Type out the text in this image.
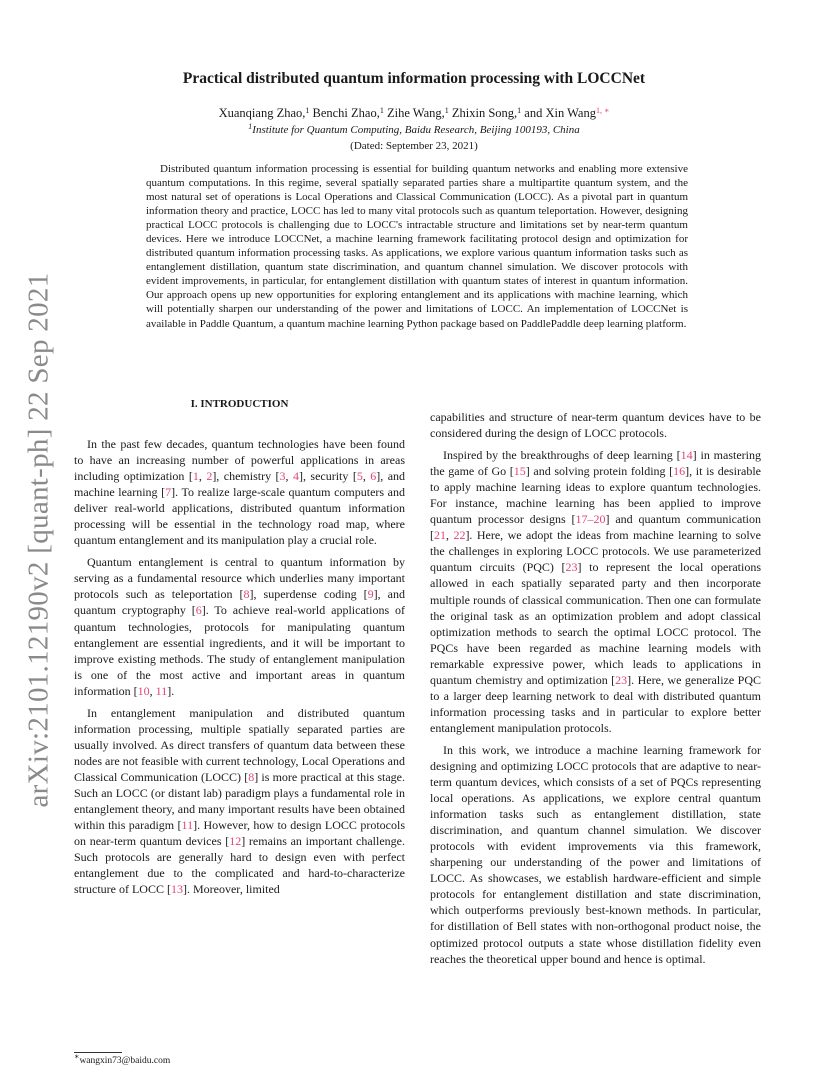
arXiv:2101.12190v2 [quant-ph] 22 Sep 2021
Practical distributed quantum information processing with LOCCNet
Xuanqiang Zhao,$^1$ Benchi Zhao,$^1$ Zihe Wang,$^1$ Zhixin Song,$^1$ and Xin Wang$^{1, ∗}$
$^1$Institute for Quantum Computing, Baidu Research, Beijing 100193, China
(Dated: September 23, 2021)

Distributed quantum information processing is essential for building quantum networks and enabling more extensive quantum computations. In this regime, several spatially separated parties share a multipartite quantum system, and the most natural set of operations is Local Operations and Classical Communication (LOCC). As a pivotal part in quantum information theory and practice, LOCC has led to many vital protocols such as quantum teleportation. However, designing practical LOCC protocols is challenging due to LOCC's intractable structure and limitations set by near-term quantum devices. Here we introduce LOCCNet, a machine learning framework facilitating protocol design and optimization for distributed quantum information processing tasks. As applications, we explore various quantum information tasks such as entanglement distillation, quantum state discrimination, and quantum channel simulation. We discover protocols with evident improvements, in particular, for entanglement distillation with quantum states of interest in quantum information. Our approach opens up new opportunities for exploring entanglement and its applications with machine learning, which will potentially sharpen our understanding of the power and limitations of LOCC. An implementation of LOCCNet is available in Paddle Quantum, a quantum machine learning Python package based on PaddlePaddle deep learning platform.

I. INTRODUCTION

In the past few decades, quantum technologies have been found to have an increasing number of powerful applications in areas including optimization [1, 2], chemistry [3, 4], security [5, 6], and machine learning [7]. To realize large-scale quantum computers and deliver real-world applications, distributed quantum information processing will be essential in the technology road map, where quantum entanglement and its manipulation play a crucial role.

Quantum entanglement is central to quantum information by serving as a fundamental resource which underlies many important protocols such as teleportation [8], superdense coding [9], and quantum cryptography [6]. To achieve real-world applications of quantum technologies, protocols for manipulating quantum entanglement are essential ingredients, and it will be important to improve existing methods. The study of entanglement manipulation is one of the most active and important areas in quantum information [10, 11].

In entanglement manipulation and distributed quantum information processing, multiple spatially separated parties are usually involved. As direct transfers of quantum data between these nodes are not feasible with current technology, Local Operations and Classical Communication (LOCC) [8] is more practical at this stage. Such an LOCC (or distant lab) paradigm plays a fundamental role in entanglement theory, and many important results have been obtained within this paradigm [11]. However, how to design LOCC protocols on near-term quantum devices [12] remains an important challenge. Such protocols are generally hard to design even with perfect entanglement due to the complicated and hard-to-characterize structure of LOCC [13]. Moreover, limited

capabilities and structure of near-term quantum devices have to be considered during the design of LOCC protocols.

Inspired by the breakthroughs of deep learning [14] in mastering the game of Go [15] and solving protein folding [16], it is desirable to apply machine learning ideas to explore quantum technologies. For instance, machine learning has been applied to improve quantum processor designs [17–20] and quantum communication [21, 22]. Here, we adopt the ideas from machine learning to solve the challenges in exploring LOCC protocols. We use parameterized quantum circuits (PQC) [23] to represent the local operations allowed in each spatially separated party and then incorporate multiple rounds of classical communication. Then one can formulate the original task as an optimization problem and adopt classical optimization methods to search the optimal LOCC protocol. The PQCs have been regarded as machine learning models with remarkable expressive power, which leads to applications in quantum chemistry and optimization [23]. Here, we generalize PQC to a larger deep learning network to deal with distributed quantum information processing tasks and in particular to explore better entanglement manipulation protocols.

In this work, we introduce a machine learning framework for designing and optimizing LOCC protocols that are adaptive to near-term quantum devices, which consists of a set of PQCs representing local operations. As applications, we explore central quantum information tasks such as entanglement distillation, state discrimination, and quantum channel simulation. We discover protocols with evident improvements via this framework, sharpening our understanding of the power and limitations of LOCC. As showcases, we establish hardware-efficient and simple protocols for entanglement distillation and state discrimination, which outperforms previously best-known methods. In particular, for distillation of Bell states with non-orthogonal product noise, the optimized protocol outputs a state whose distillation fidelity even reaches the theoretical upper bound and hence is optimal.

∗wangxin73@baidu.com
